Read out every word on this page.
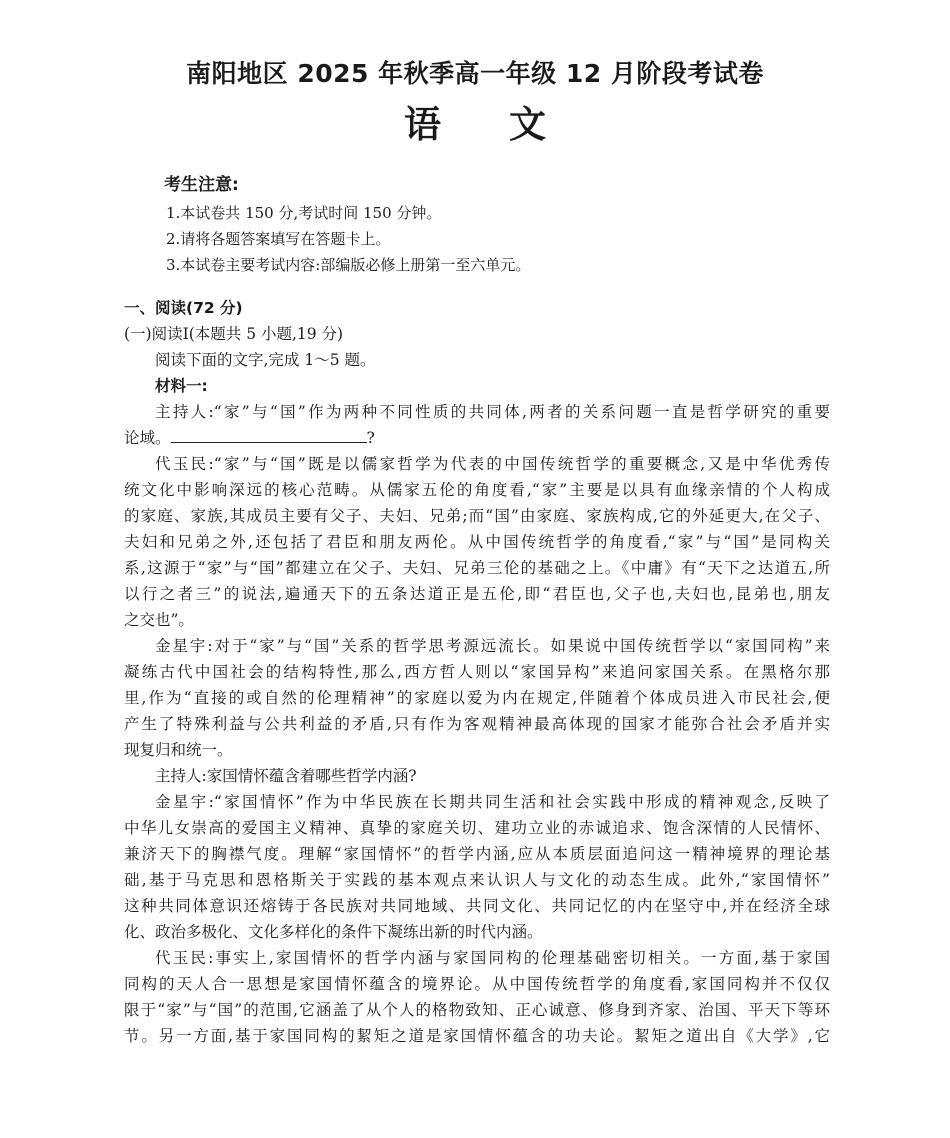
南阳地区 2025 年秋季高一年级 12 月阶段考试卷
语 文
考生注意:
1.本试卷共 150 分,考试时间 150 分钟。
2.请将各题答案填写在答题卡上。
3.本试卷主要考试内容:部编版必修上册第一至六单元。
一、阅读(72 分)
(一)阅读Ⅰ(本题共 5 小题,19 分)
阅读下面的文字,完成 1～5 题。
材料一:
主持人:“家”与“国”作为两种不同性质的共同体,两者的关系问题一直是哲学研究的重要
论域。	?
代玉民:“家”与“国”既是以儒家哲学为代表的中国传统哲学的重要概念,又是中华优秀传
统文化中影响深远的核心范畴。从儒家五伦的角度看,“家”主要是以具有血缘亲情的个人构成
的家庭、家族,其成员主要有父子、夫妇、兄弟;而“国”由家庭、家族构成,它的外延更大,在父子、
夫妇和兄弟之外,还包括了君臣和朋友两伦。从中国传统哲学的角度看,“家”与“国”是同构关
系,这源于“家”与“国”都建立在父子、夫妇、兄弟三伦的基础之上。《中庸》有“天下之达道五,所
以行之者三”的说法,遍通天下的五条达道正是五伦,即“君臣也,父子也,夫妇也,昆弟也,朋友
之交也”。
金星宇:对于“家”与“国”关系的哲学思考源远流长。如果说中国传统哲学以“家国同构”来
凝练古代中国社会的结构特性,那么,西方哲人则以“家国异构”来追问家国关系。在黑格尔那
里,作为“直接的或自然的伦理精神”的家庭以爱为内在规定,伴随着个体成员进入市民社会,便
产生了特殊利益与公共利益的矛盾,只有作为客观精神最高体现的国家才能弥合社会矛盾并实
现复归和统一。
主持人:家国情怀蕴含着哪些哲学内涵?
金星宇:“家国情怀”作为中华民族在长期共同生活和社会实践中形成的精神观念,反映了
中华儿女崇高的爱国主义精神、真挚的家庭关切、建功立业的赤诚追求、饱含深情的人民情怀、
兼济天下的胸襟气度。理解“家国情怀”的哲学内涵,应从本质层面追问这一精神境界的理论基
础,基于马克思和恩格斯关于实践的基本观点来认识人与文化的动态生成。此外,“家国情怀”
这种共同体意识还熔铸于各民族对共同地域、共同文化、共同记忆的内在坚守中,并在经济全球
化、政治多极化、文化多样化的条件下凝练出新的时代内涵。
代玉民:事实上,家国情怀的哲学内涵与家国同构的伦理基础密切相关。一方面,基于家国
同构的天人合一思想是家国情怀蕴含的境界论。从中国传统哲学的角度看,家国同构并不仅仅
限于“家”与“国”的范围,它涵盖了从个人的格物致知、正心诚意、修身到齐家、治国、平天下等环
节。另一方面,基于家国同构的絜矩之道是家国情怀蕴含的功夫论。絜矩之道出自《大学》,它
